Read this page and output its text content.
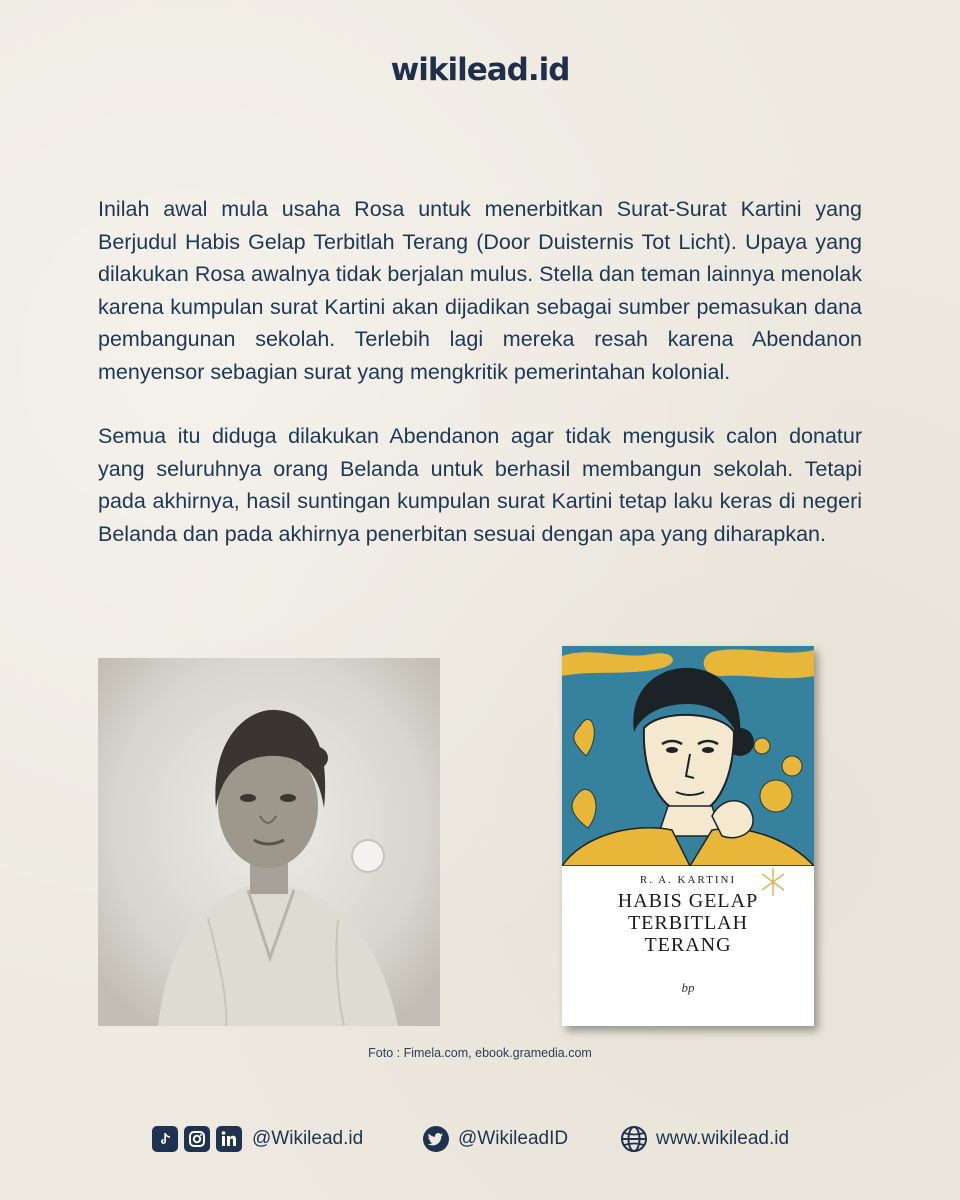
wikilead.id

Inilah awal mula usaha Rosa untuk menerbitkan Surat-Surat Kartini yang Berjudul Habis Gelap Terbitlah Terang (Door Duisternis Tot Licht). Upaya yang dilakukan Rosa awalnya tidak berjalan mulus. Stella dan teman lainnya menolak karena kumpulan surat Kartini akan dijadikan sebagai sumber pemasukan dana pembangunan sekolah. Terlebih lagi mereka resah karena Abendanon menyensor sebagian surat yang mengkritik pemerintahan kolonial.

Semua itu diduga dilakukan Abendanon agar tidak mengusik calon donatur yang seluruhnya orang Belanda untuk berhasil membangun sekolah. Tetapi pada akhirnya, hasil suntingan kumpulan surat Kartini tetap laku keras di negeri Belanda dan pada akhirnya penerbitan sesuai dengan apa yang diharapkan.

R. A. KARTINI
HABIS GELAP
TERBITLAH
TERANG
bp
Foto : Fimela.com, ebook.gramedia.com
@Wikilead.id	@WikileadID	www.wikilead.id
